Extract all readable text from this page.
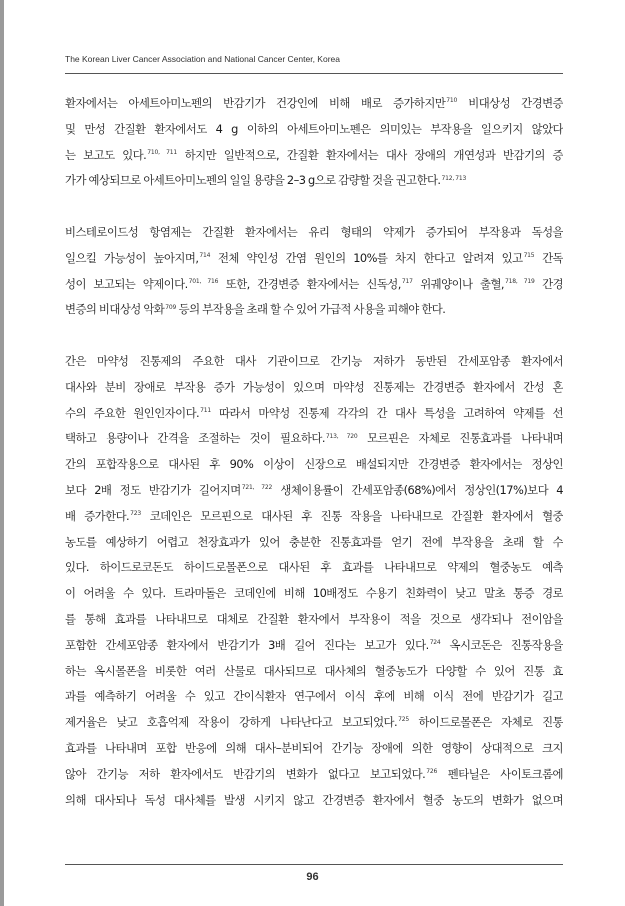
The Korean Liver Cancer Association and National Cancer Center, Korea
환자에서는 아세트아미노펜의 반감기가 건강인에 비해 배로 증가하지만$^{710}$ 비대상성 간경변증
및 만성 간질환 환자에서도 4 g 이하의 아세트아미노펜은 의미있는 부작용을 일으키지 않았다
는 보고도 있다.$^{710, 711}$ 하지만 일반적으로, 간질환 환자에서는 대사 장애의 개연성과 반감기의 증
가가 예상되므로 아세트아미노펜의 일일 용량을 2–3 g으로 감량할 것을 권고한다.$^{712, 713}$
비스테로이드성 항염제는 간질환 환자에서는 유리 형태의 약제가 증가되어 부작용과 독성을
일으킬 가능성이 높아지며,$^{714}$ 전체 약인성 간염 원인의 10%를 차지 한다고 알려져 있고$^{715}$ 간독
성이 보고되는 약제이다.$^{701, 716}$ 또한, 간경변증 환자에서는 신독성,$^{717}$ 위궤양이나 출혈,$^{718, 719}$ 간경
변증의 비대상성 악화$^{709}$ 등의 부작용을 초래 할 수 있어 가급적 사용을 피해야 한다.
간은 마약성 진통제의 주요한 대사 기관이므로 간기능 저하가 동반된 간세포암종 환자에서
대사와 분비 장애로 부작용 증가 가능성이 있으며 마약성 진통제는 간경변증 환자에서 간성 혼
수의 주요한 원인인자이다.$^{711}$ 따라서 마약성 진통제 각각의 간 대사 특성을 고려하여 약제를 선
택하고 용량이나 간격을 조절하는 것이 필요하다.$^{713, 720}$ 모르핀은 자체로 진통효과를 나타내며
간의 포합작용으로 대사된 후 90% 이상이 신장으로 배설되지만 간경변증 환자에서는 정상인
보다 2배 정도 반감기가 길어지며$^{721, 722}$ 생체이용률이 간세포암종(68%)에서 정상인(17%)보다 4
배 증가한다.$^{723}$ 코데인은 모르핀으로 대사된 후 진통 작용을 나타내므로 간질환 환자에서 혈중
농도를 예상하기 어렵고 천장효과가 있어 충분한 진통효과를 얻기 전에 부작용을 초래 할 수
있다. 하이드로코돈도 하이드로몰폰으로 대사된 후 효과를 나타내므로 약제의 혈중농도 예측
이 어려울 수 있다. 트라마돌은 코데인에 비해 10배정도 수용기 친화력이 낮고 말초 통증 경로
를 통해 효과를 나타내므로 대체로 간질환 환자에서 부작용이 적을 것으로 생각되나 전이암을
포함한 간세포암종 환자에서 반감기가 3배 길어 진다는 보고가 있다.$^{724}$ 옥시코돈은 진통작용을
하는 옥시몰폰을 비롯한 여러 산물로 대사되므로 대사체의 혈중농도가 다양할 수 있어 진통 효
과를 예측하기 어려울 수 있고 간이식환자 연구에서 이식 후에 비해 이식 전에 반감기가 길고
제거율은 낮고 호흡억제 작용이 강하게 나타난다고 보고되었다.$^{725}$ 하이드로몰폰은 자체로 진통
효과를 나타내며 포합 반응에 의해 대사–분비되어 간기능 장애에 의한 영향이 상대적으로 크지
않아 간기능 저하 환자에서도 반감기의 변화가 없다고 보고되었다.$^{726}$ 펜타닐은 사이토크롬에
의해 대사되나 독성 대사체를 발생 시키지 않고 간경변증 환자에서 혈중 농도의 변화가 없으며
96
